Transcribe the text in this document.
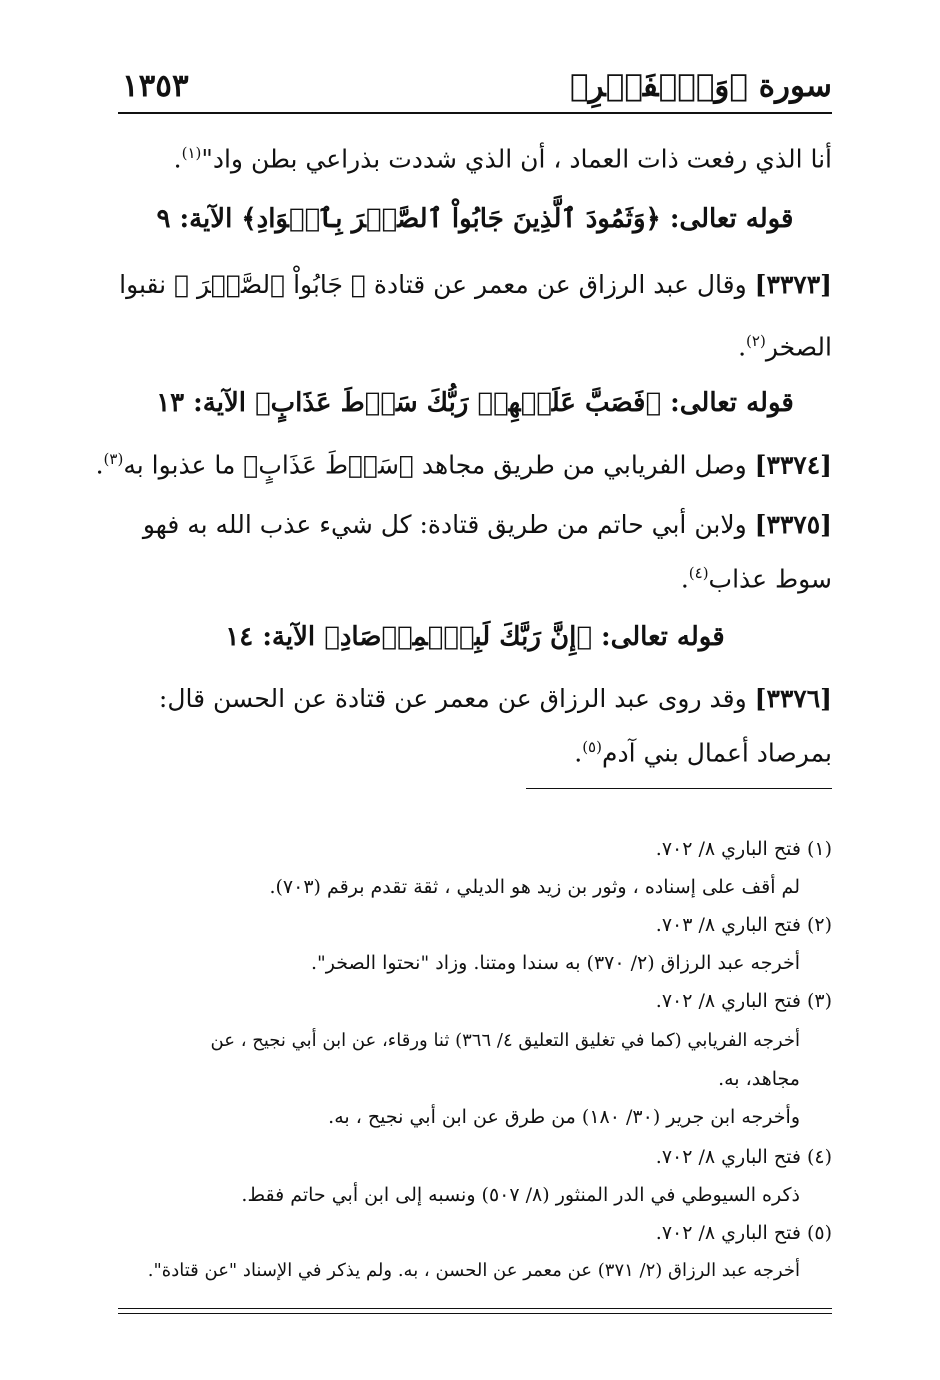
سورة ﴿وَٱلۡفَجۡرِ﴾
١٣٥٣
أنا الذي رفعت ذات العماد ، أن الذي شددت بذراعي بطن واد"$^{(١)}$.
قوله تعالى: ﴿وَثَمُودَ ٱلَّذِينَ جَابُواْ ٱلصَّخۡرَ بِٱلۡوَادِ﴾ الآية: ٩
[٣٣٧٣] وقال عبد الرزاق عن معمر عن قتادة ﴿ جَابُواْ ٱلصَّخۡرَ ﴾ نقبوا
الصخر$^{(٢)}$.
قوله تعالى: ﴿فَصَبَّ عَلَيۡهِمۡ رَبُّكَ سَوۡطَ عَذَابٍ﴾ الآية: ١٣
[٣٣٧٤] وصل الفريابي من طريق مجاهد ﴿سَوۡطَ عَذَابٍ﴾ ما عذبوا به$^{(٣)}$.
[٣٣٧٥] ولابن أبي حاتم من طريق قتادة: كل شيء عذب الله به فهو
سوط عذاب$^{(٤)}$.
قوله تعالى: ﴿إِنَّ رَبَّكَ لَبِٱلۡمِرۡصَادِ﴾ الآية: ١٤
[٣٣٧٦] وقد روى عبد الرزاق عن معمر عن قتادة عن الحسن قال:
بمرصاد أعمال بني آدم$^{(٥)}$.
(١) فتح الباري ٨/ ٧٠٢.
لم أقف على إسناده ، وثور بن زيد هو الديلي ، ثقة تقدم برقم (٧٠٣).
(٢) فتح الباري ٨/ ٧٠٣.
أخرجه عبد الرزاق (٢/ ٣٧٠) به سندا ومتنا. وزاد "نحتوا الصخر".
(٣) فتح الباري ٨/ ٧٠٢.
أخرجه الفريابي (كما في تغليق التعليق ٤/ ٣٦٦) ثنا ورقاء، عن ابن أبي نجيح ، عن
مجاهد، به.
وأخرجه ابن جرير (٣٠/ ١٨٠) من طرق عن ابن أبي نجيح ، به.
(٤) فتح الباري ٨/ ٧٠٢.
ذكره السيوطي في الدر المنثور (٨/ ٥٠٧) ونسبه إلى ابن أبي حاتم فقط.
(٥) فتح الباري ٨/ ٧٠٢.
أخرجه عبد الرزاق (٢/ ٣٧١) عن معمر عن الحسن ، به. ولم يذكر في الإسناد "عن قتادة".
